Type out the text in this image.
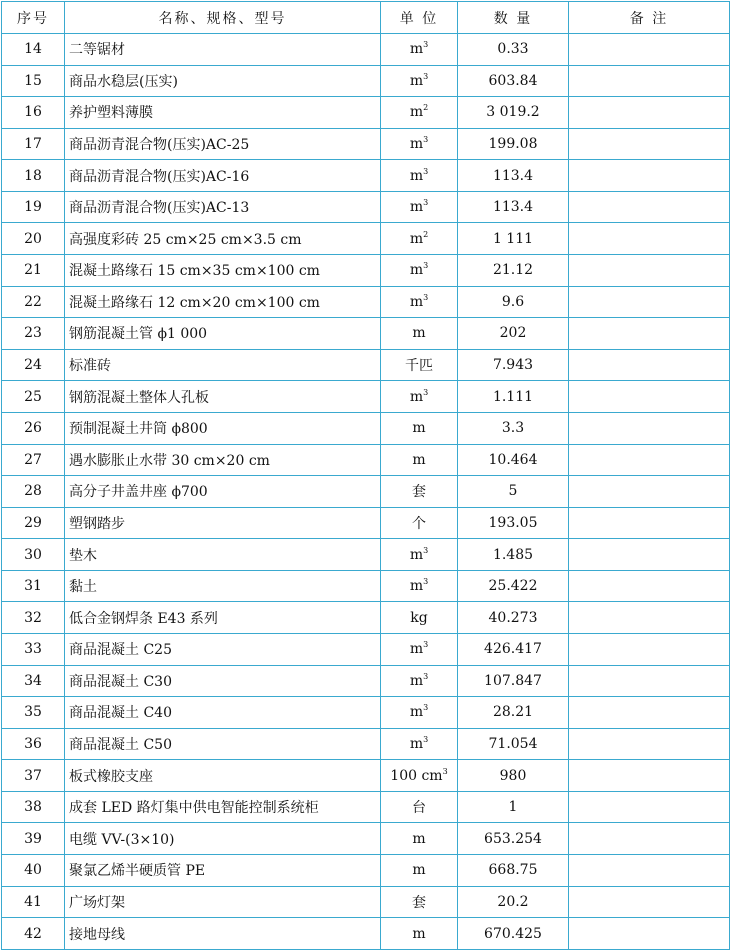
序号	名称、规格、型号	单 位	数 量	备 注
14	二等锯材	$m^3$	0.33	
15	商品水稳层(压实)	$m^3$	603.84	
16	养护塑料薄膜	$m^2$	3 019.2	
17	商品沥青混合物(压实)AC-25	$m^3$	199.08	
18	商品沥青混合物(压实)AC-16	$m^3$	113.4	
19	商品沥青混合物(压实)AC-13	$m^3$	113.4	
20	高强度彩砖 25 cm×25 cm×3.5 cm	$m^2$	1 111	
21	混凝土路缘石 15 cm×35 cm×100 cm	$m^3$	21.12	
22	混凝土路缘石 12 cm×20 cm×100 cm	$m^3$	9.6	
23	钢筋混凝土管 ϕ1 000	m	202	
24	标准砖	千匹	7.943	
25	钢筋混凝土整体人孔板	$m^3$	1.111	
26	预制混凝土井筒 ϕ800	m	3.3	
27	遇水膨胀止水带 30 cm×20 cm	m	10.464	
28	高分子井盖井座 ϕ700	套	5	
29	塑钢踏步	个	193.05	
30	垫木	$m^3$	1.485	
31	黏土	$m^3$	25.422	
32	低合金钢焊条 E43 系列	kg	40.273	
33	商品混凝土 C25	$m^3$	426.417	
34	商品混凝土 C30	$m^3$	107.847	
35	商品混凝土 C40	$m^3$	28.21	
36	商品混凝土 C50	$m^3$	71.054	
37	板式橡胶支座	100 $cm^3$	980	
38	成套 LED 路灯集中供电智能控制系统柜	台	1	
39	电缆 VV-(3×10)	m	653.254	
40	聚氯乙烯半硬质管 PE	m	668.75	
41	广场灯架	套	20.2	
42	接地母线	m	670.425	
